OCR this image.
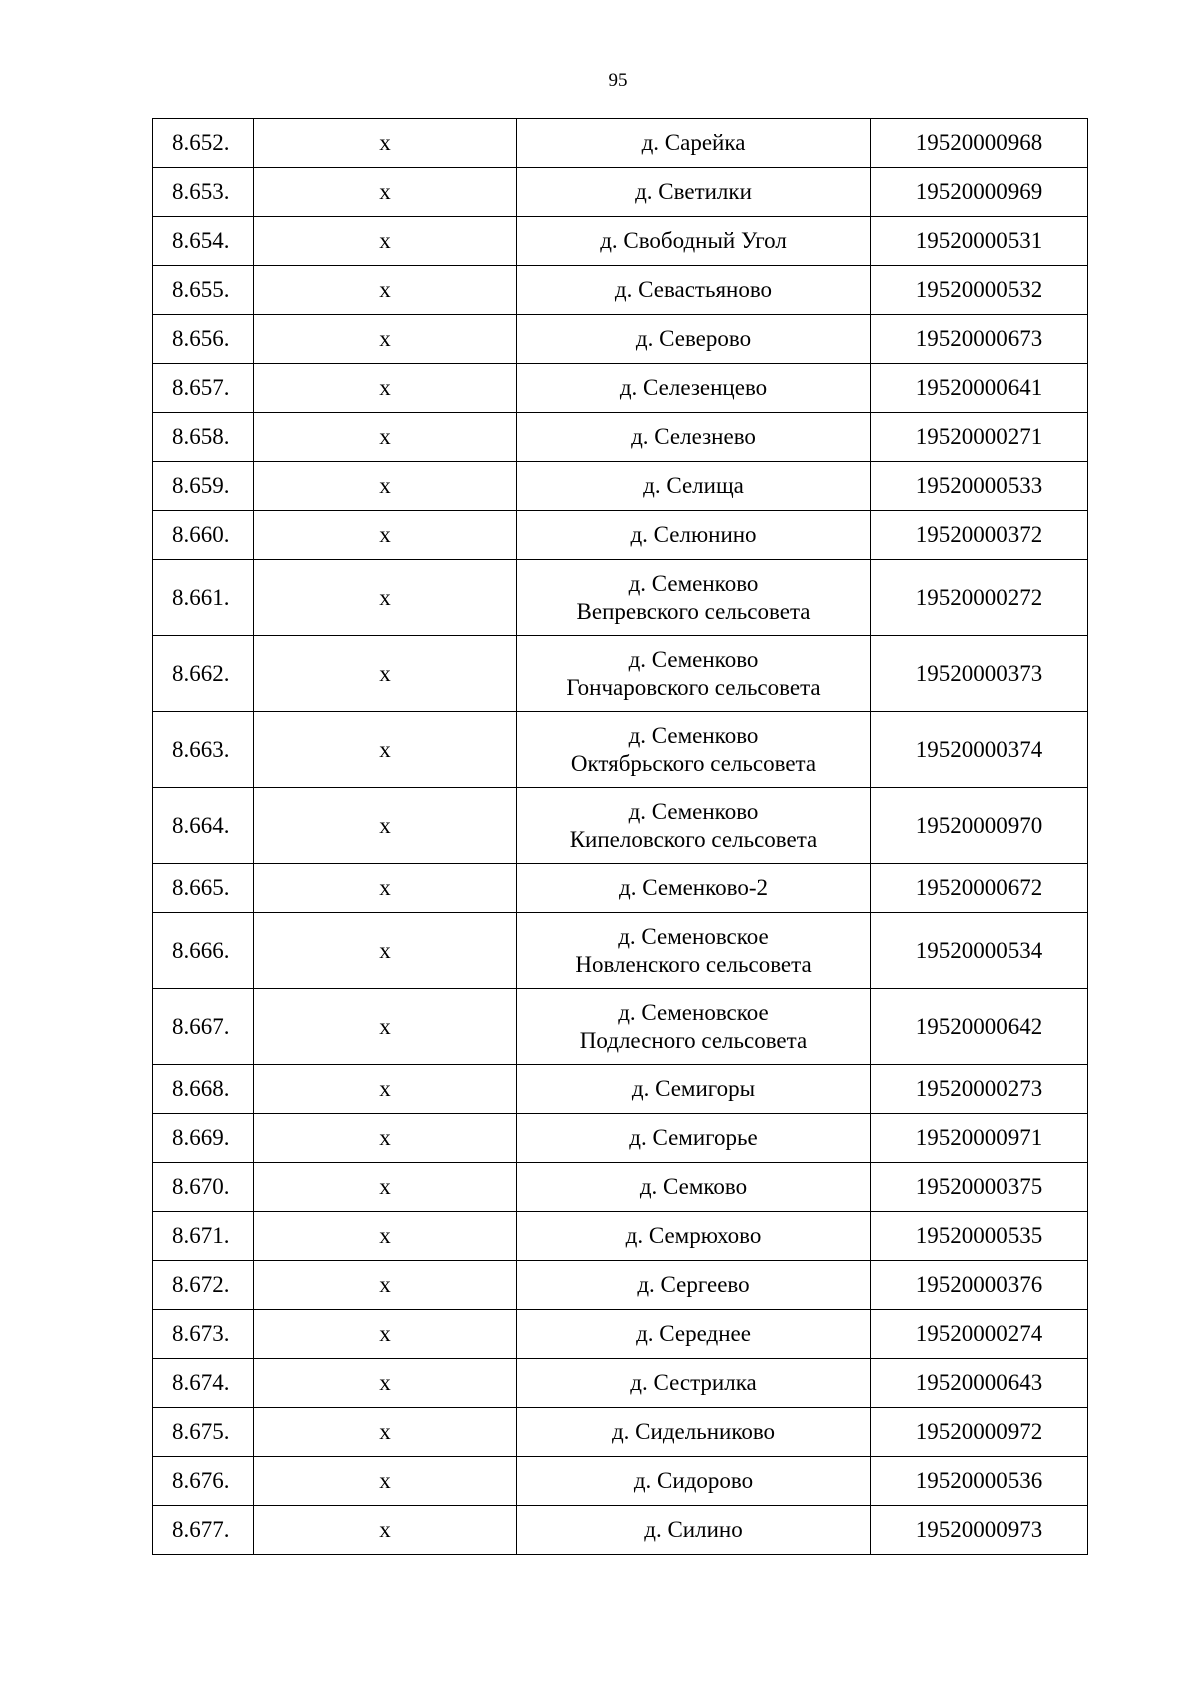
95
8.652.	х	д. Сарейка	19520000968
8.653.	х	д. Светилки	19520000969
8.654.	х	д. Свободный Угол	19520000531
8.655.	х	д. Севастьяново	19520000532
8.656.	х	д. Северово	19520000673
8.657.	х	д. Селезенцево	19520000641
8.658.	х	д. Селезнево	19520000271
8.659.	х	д. Селища	19520000533
8.660.	х	д. Селюнино	19520000372
8.661.	х	д. Семенково
Вепревского сельсовета	19520000272
8.662.	х	д. Семенково
Гончаровского сельсовета	19520000373
8.663.	х	д. Семенково
Октябрьского сельсовета	19520000374
8.664.	х	д. Семенково
Кипеловского сельсовета	19520000970
8.665.	х	д. Семенково-2	19520000672
8.666.	х	д. Семеновское
Новленского сельсовета	19520000534
8.667.	х	д. Семеновское
Подлесного сельсовета	19520000642
8.668.	х	д. Семигоры	19520000273
8.669.	х	д. Семигорье	19520000971
8.670.	х	д. Семково	19520000375
8.671.	х	д. Семрюхово	19520000535
8.672.	х	д. Сергеево	19520000376
8.673.	х	д. Середнее	19520000274
8.674.	х	д. Сестрилка	19520000643
8.675.	х	д. Сидельниково	19520000972
8.676.	х	д. Сидорово	19520000536
8.677.	х	д. Силино	19520000973
